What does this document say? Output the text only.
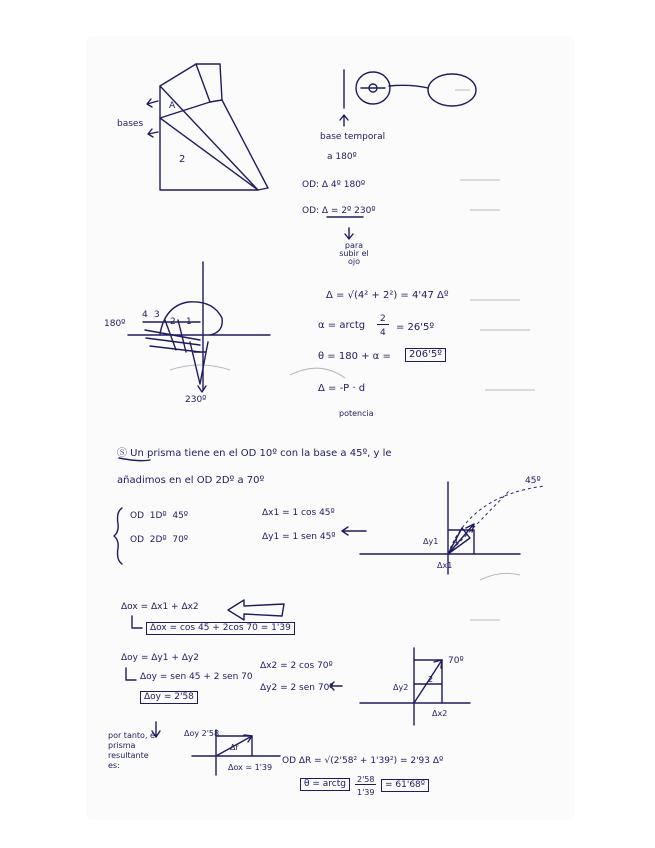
bases
A
2
base temporal
a 180º
OD: Δ 4º 180º
OD: Δ = 2º 230º
para subir el ojo
180º
230º
4 3
2 1
Δ = √(4² + 2²) = 4'47 Δº
α = arctg
2
4 = 26'5º
θ = 180 + α =	206'5º
Δ = -P · d
potencia
Ⓢ Un prisma tiene en el OD 10º con la base a 45º, y le
añadimos en el OD 2Dº a 70º
OD  1Dº  45º
OD  2Dº  70º
Δx1 = 1 cos 45º
Δy1 = 1 sen 45º
45º
Δy1
Δx1
1
Δox = Δx1 + Δx2
Δox = cos 45 + 2cos 70 = 1'39
Δoy = Δy1 + Δy2
Δoy = sen 45 + 2 sen 70
Δoy = 2'58
Δx2 = 2 cos 70º
Δy2 = 2 sen 70º
70º
Δy2
Δx2
2
por tanto, el prisma resultante es:
Δoy 2'58
Δox = 1'39
Δr
OD ΔR = √(2'58² + 1'39²) = 2'93 Δº
θ = arctg	2'58
1'39
= 61'68º
